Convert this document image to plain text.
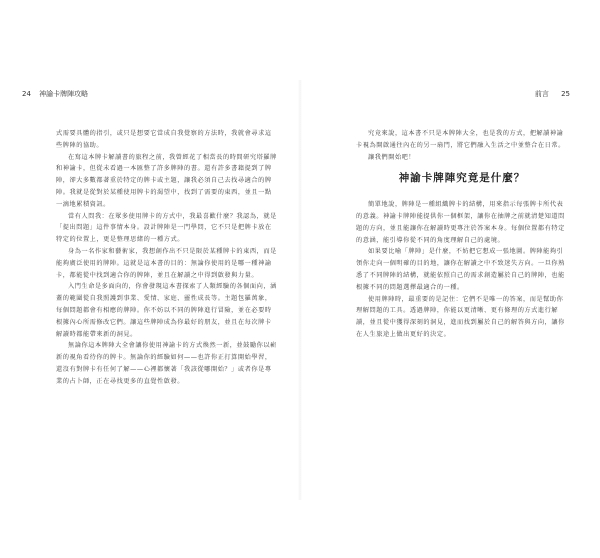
24 神諭卡牌陣攻略

式需要具體的指引，或只是想要它當成自我覺察的方法時，我就會尋求這些牌陣的協助。

在寫這本牌卡解讀書的旅程之前，我曾經花了相當長的時間研究塔羅牌和神諭卡，但從未看過一本匯整了許多牌陣的書。還有許多書籍提到了牌陣，卻大多數都著重於特定的牌卡或主題，讓我必須自己去找尋適合的牌陣。我就是從對於某種使用牌卡的渴望中，找到了需要的東西，並且一點一滴地累積資訊。

當有人問我：在眾多使用牌卡的方式中，我最喜歡什麼？我認為，就是「提出問題」這件事情本身。設計牌陣是一門學問，它不只是把牌卡放在特定的位置上，更是整理思緒的一種方式。

身為一名作家和藝術家，我想創作出不只是限於某種牌卡的東西，而是能夠廣泛使用的牌陣。這就是這本書的目的：無論你使用的是哪一種神諭卡，都能從中找到適合你的牌陣，並且在解讀之中得到啟發與力量。

入門生命是多面向的，你會發現這本書探索了人類經驗的各個面向，涵蓋的範圍從自我照護到事業、愛情、家庭、靈性成長等。主題包羅萬象，每個問題都會有相應的牌陣。你不妨以不同的牌陣進行冒險，並在必要時根據內心所需修改它們。讓這些牌陣成為你最好的朋友，並且在每次牌卡解讀時都能帶來新的洞見。

無論你這本牌陣大全會讓你使用神諭卡的方式煥然一新，並鼓勵你以嶄新的視角看待你的牌卡。無論你的經驗如何——也許你正打算開始學習，還沒有對牌卡有任何了解——心裡都懷著「我該從哪開始？」或者你是專業的占卜師，正在尋找更多的直覺性啟發。

前言 25

究竟來說，這本書不只是本牌陣大全，也是我的方式，把解讀神諭卡視為開啟通往內在的另一扇門，將它們融入生活之中並整合在日常。

讓我們開始吧！

神諭卡牌陣究竟是什麼？

簡單地說，牌陣是一種組織牌卡的結構，用來指示每張牌卡所代表的意義。神諭卡牌陣能提供你一個框架，讓你在抽牌之前就清楚知道問題的方向，並且能讓你在解讀時更專注於答案本身。每個位置都有特定的意涵，能引導你從不同的角度理解自己的處境。

如果要比喻「牌陣」是什麼，不妨把它想成一張地圖。牌陣能夠引領你走向一個明確的目的地，讓你在解讀之中不致迷失方向。一旦你熟悉了不同牌陣的結構，就能依照自己的需求創造屬於自己的牌陣，也能根據不同的問題選擇最適合的一種。

使用牌陣時，最重要的是記住：它們不是唯一的答案，而是幫助你理解問題的工具。透過牌陣，你能以更清晰、更有條理的方式進行解讀，並且從中獲得深刻的洞見，進而找到屬於自己的解答與方向，讓你在人生旅途上做出更好的決定。
